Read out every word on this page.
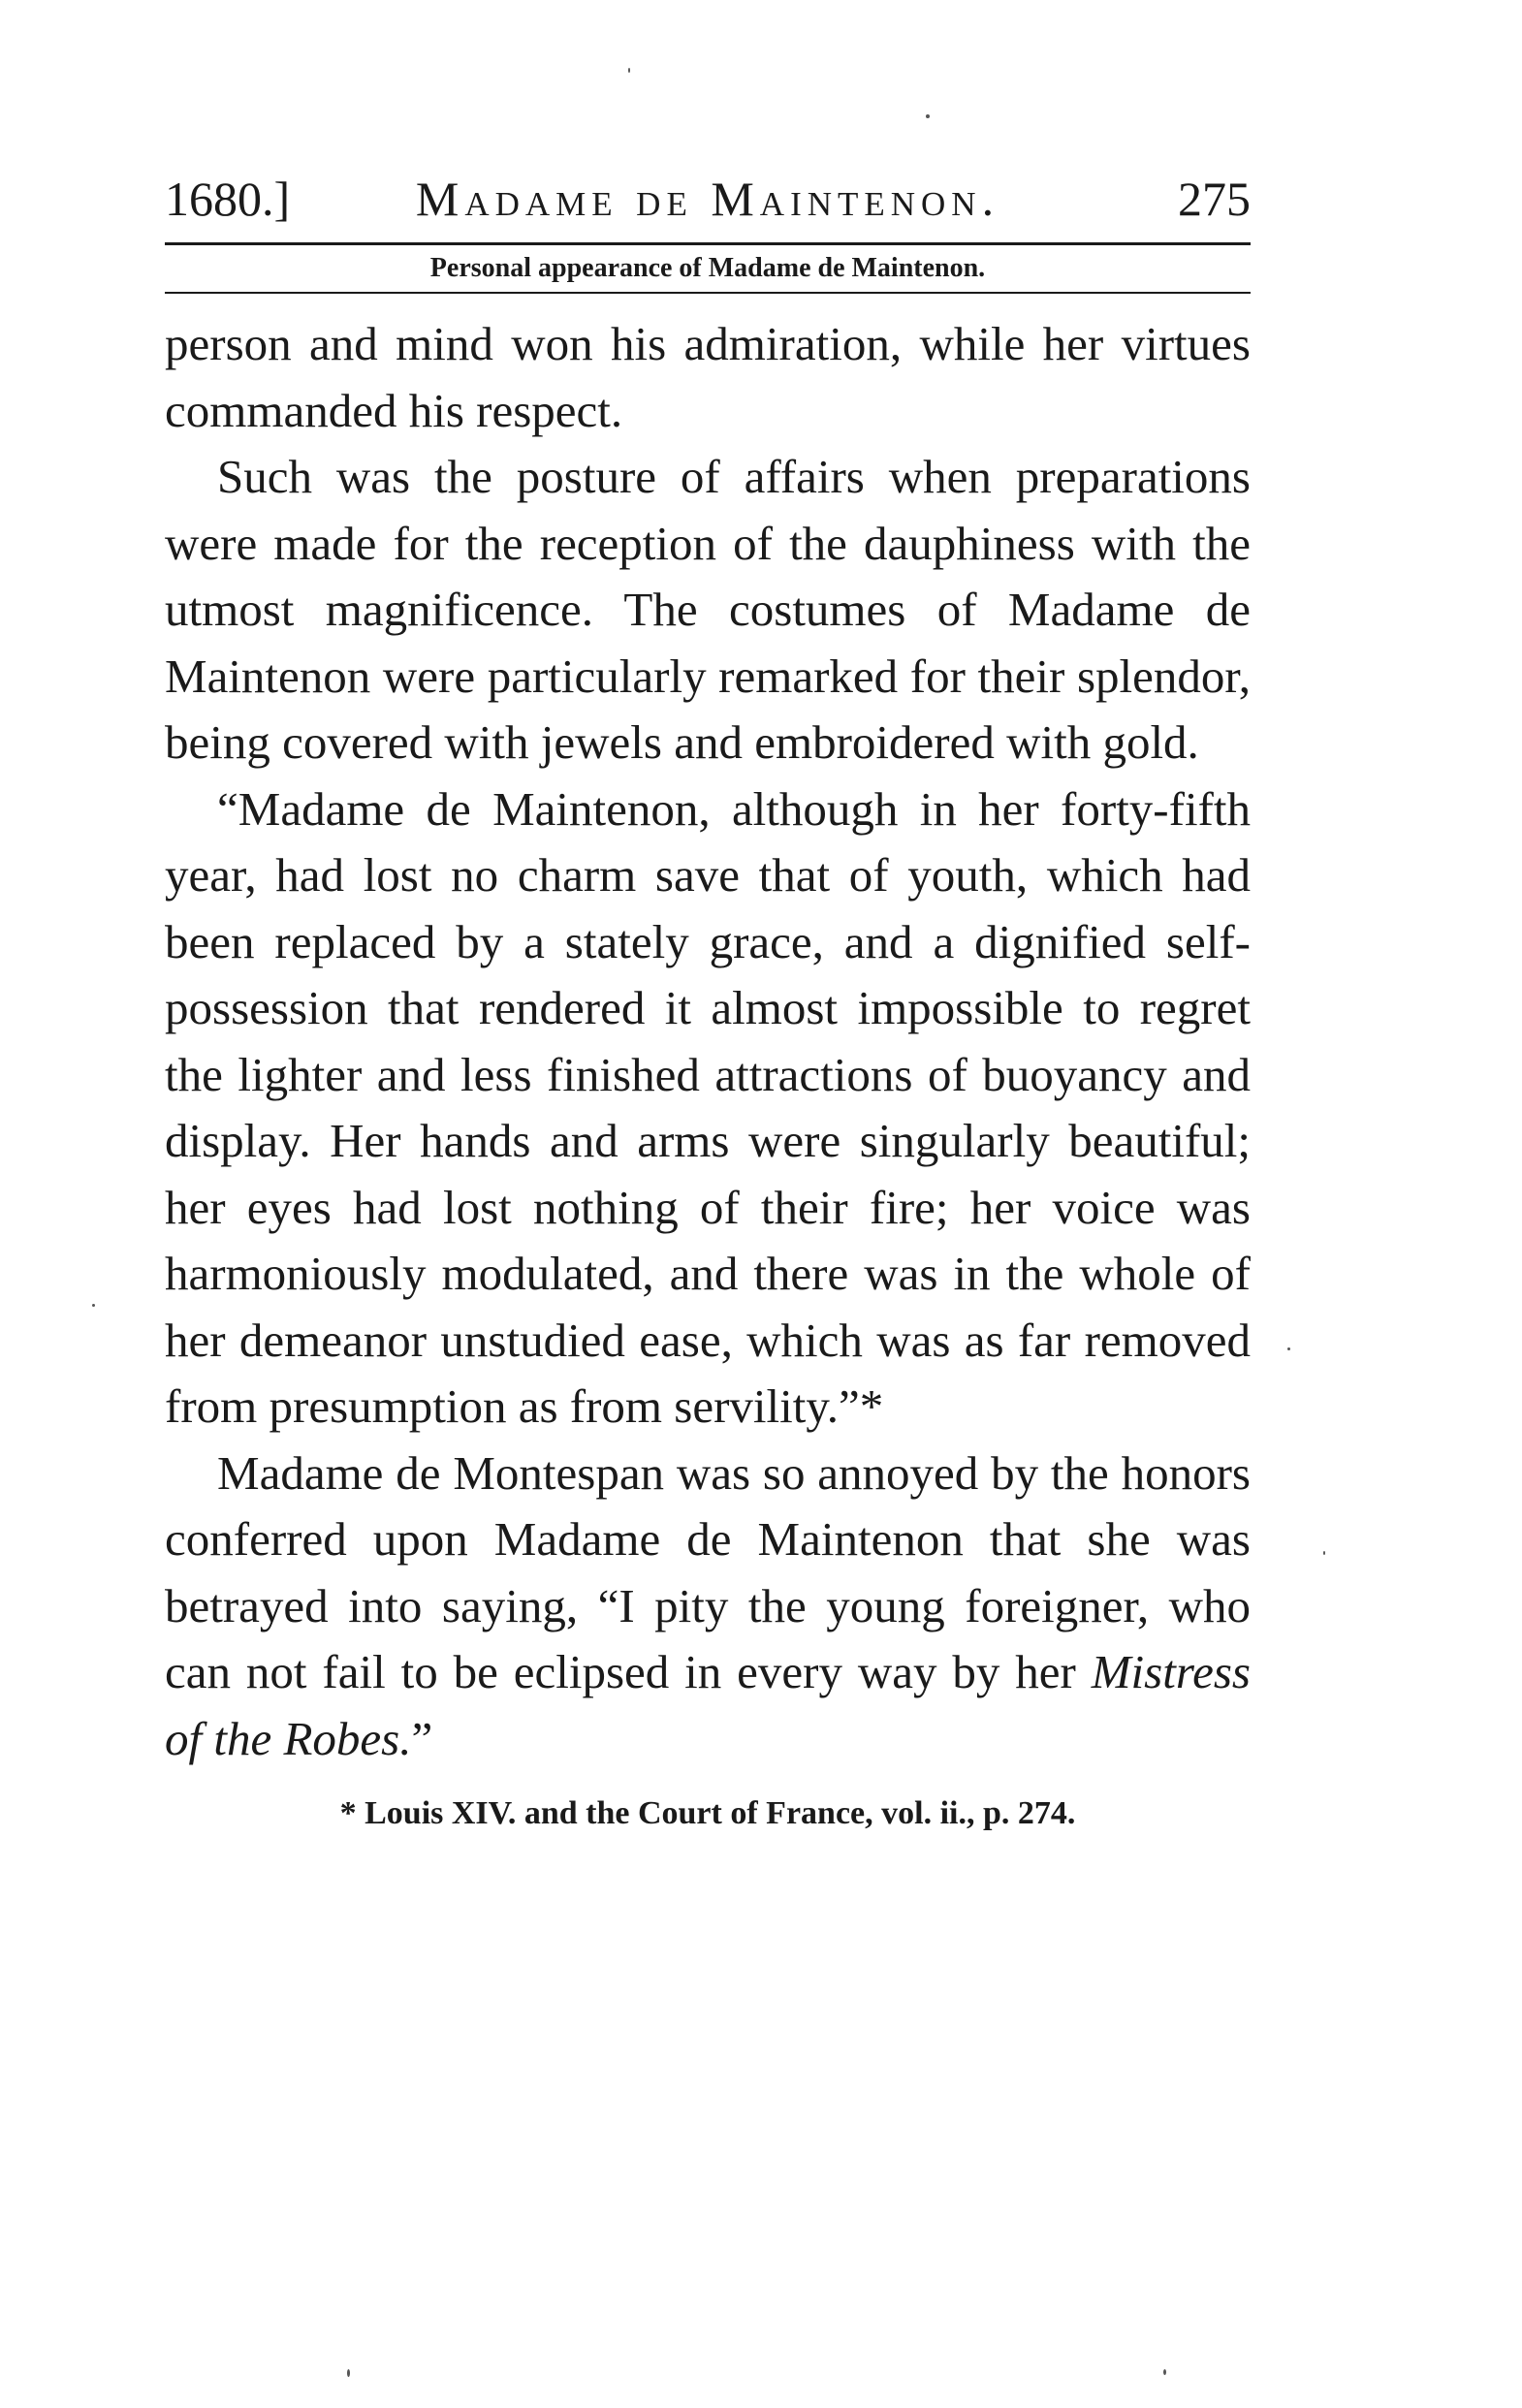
1680.]	Madame de Maintenon.	275
Personal appearance of Madame de Maintenon.

person and mind won his admiration, while her virtues commanded his respect.

Such was the posture of affairs when preparations were made for the reception of the dauphiness with the utmost magnificence. The costumes of Madame de Maintenon were particularly remarked for their splendor, being covered with jewels and embroidered with gold.

“Madame de Maintenon, although in her forty-fifth year, had lost no charm save that of youth, which had been replaced by a stately grace, and a dignified self-possession that rendered it almost impossible to regret the lighter and less finished attractions of buoyancy and display. Her hands and arms were singularly beautiful; her eyes had lost nothing of their fire; her voice was harmoniously modulated, and there was in the whole of her demeanor unstudied ease, which was as far removed from presumption as from servility.”*

Madame de Montespan was so annoyed by the honors conferred upon Madame de Maintenon that she was betrayed into saying, “I pity the young foreigner, who can not fail to be eclipsed in every way by her Mistress of the Robes.”

* Louis XIV. and the Court of France, vol. ii., p. 274.
